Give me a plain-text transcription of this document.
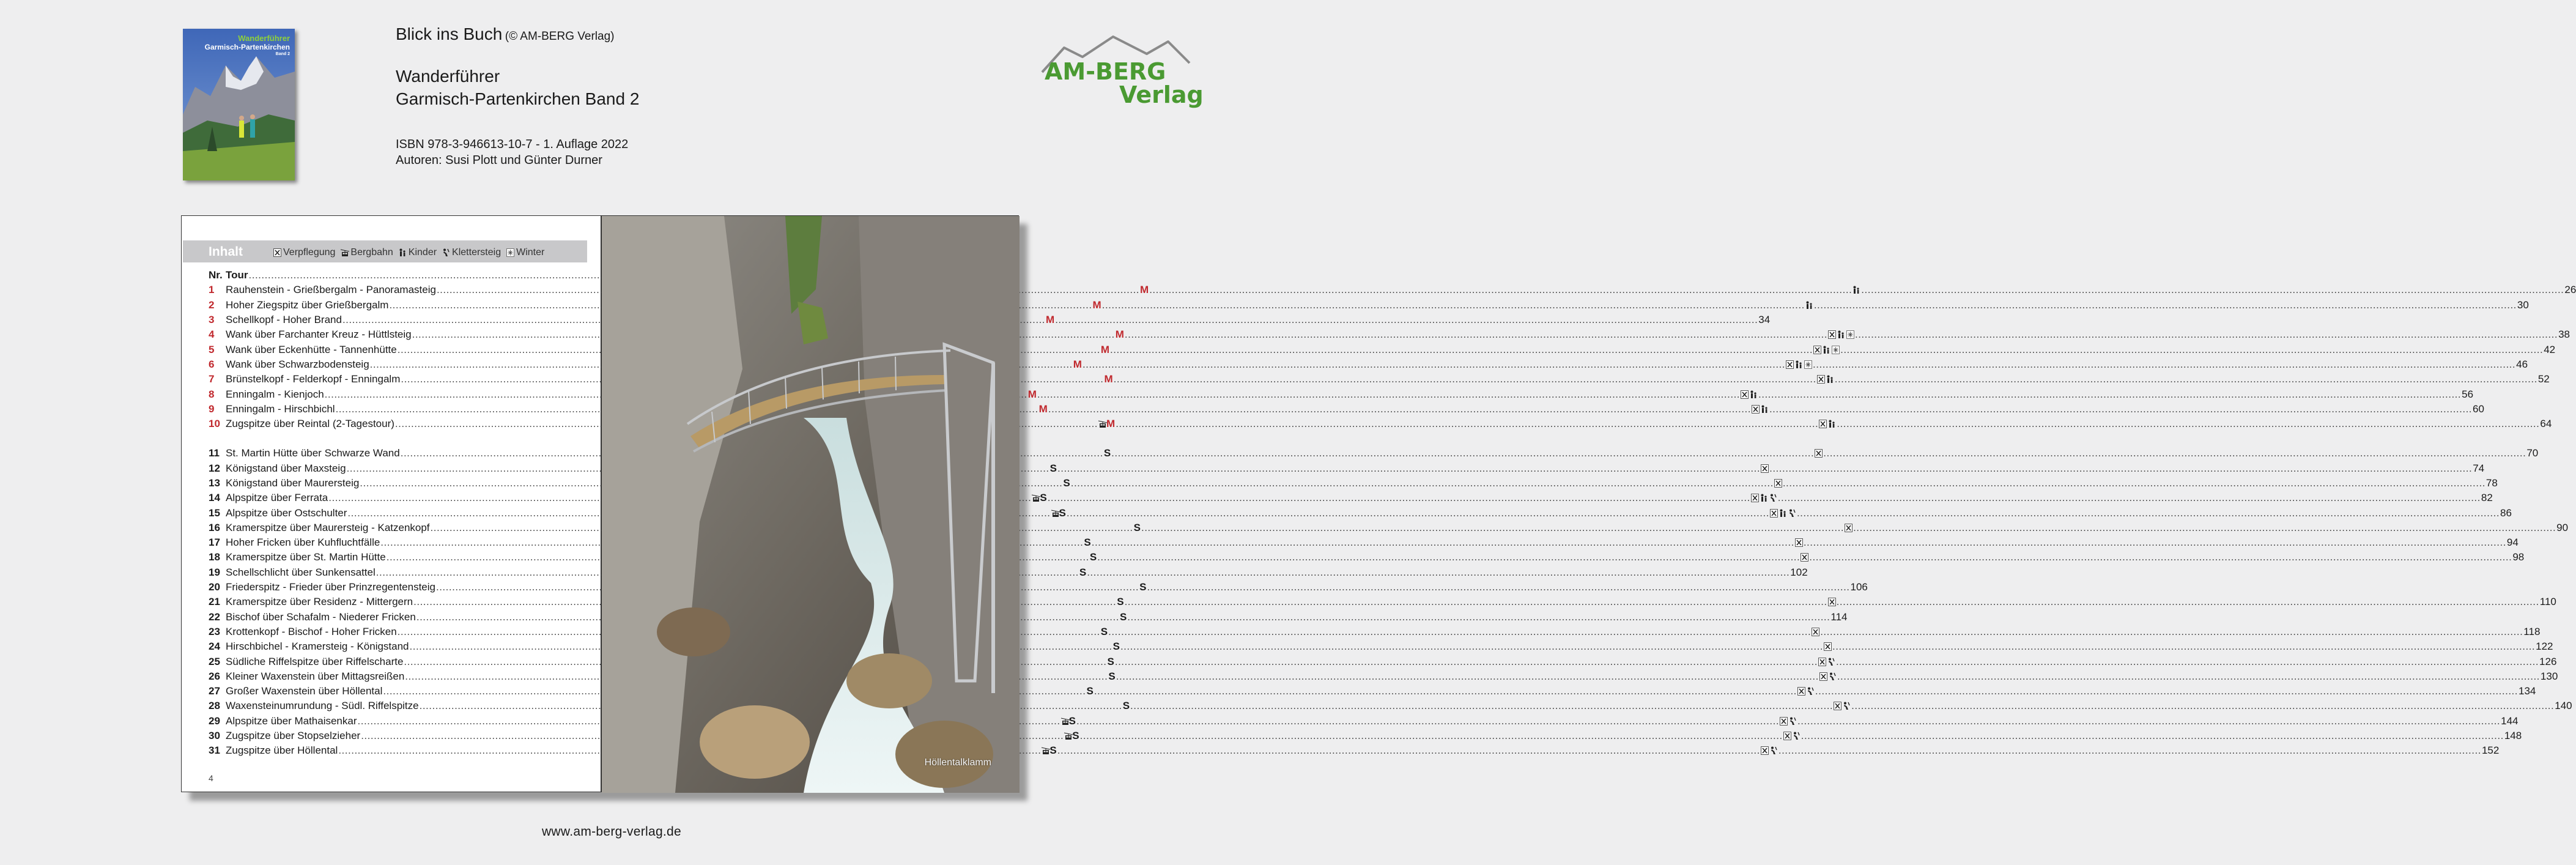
Wanderführer
Garmisch-Partenkirchen
Band 2
Blick ins Buch (© AM-BERG Verlag)
Wanderführer
Garmisch-Partenkirchen Band 2
ISBN 978-3-946613-10-7 - 1. Auflage 2022
Autoren: Susi Plott und Günter Durner
AM-BERG
Verlag
Inhalt	Verpflegung Bergbahn Kinder Klettersteig Winter
Nr. Tour
.....
1	Rauhenstein - Grießbergalm - Panoramasteig .....	M ..... .....	26
2	Hoher Ziegspitz über Grießbergalm .....	M ..... .....	30
3	Schellkopf - Hoher Brand .....	M .....	34
4	Wank über Farchanter Kreuz - Hüttlsteig .....	M ..... .....	38
5	Wank über Eckenhütte - Tannenhütte .....	M ..... .....	42
6	Wank über Schwarzbodensteig .....	M ..... .....	46
7	Brünstelkopf - Felderkopf - Enningalm .....	M ..... .....	52
8	Enningalm - Kienjoch .....	M ..... .....	56
9	Enningalm - Hirschbichl .....	M ..... .....	60
10 Zugspitze über Reintal (2-Tagestour) .....	M ..... .....	64
11 St. Martin Hütte über Schwarze Wand .....	S ..... .....	70
12 Königstand über Maxsteig .....	S ..... .....	74
13 Königstand über Maurersteig .....	S ..... .....	78
14 Alpspitze über Ferrata .....	S ..... .....	82
15 Alpspitze über Ostschulter .....	S ..... .....	86
16 Kramerspitze über Maurersteig - Katzenkopf .....	S ..... .....	90
17 Hoher Fricken über Kuhfluchtfälle .....	S ..... .....	94
18 Kramerspitze über St. Martin Hütte .....	S ..... .....	98
19 Schellschlicht über Sunkensattel .....	S .....	102
20 Friederspitz - Frieder über Prinzregentensteig .....	S .....	106
21 Kramerspitze über Residenz - Mittergern .....	S ..... .....	110
22 Bischof über Schafalm - Niederer Fricken .....	S .....	114
23 Krottenkopf - Bischof - Hoher Fricken .....	S ..... .....	118
24 Hirschbichel - Kramersteig - Königstand .....	S ..... .....	122
25 Südliche Riffelspitze über Riffelscharte .....	S ..... .....	126
26 Kleiner Waxenstein über Mittagsreißen .....	S ..... .....	130
27 Großer Waxenstein über Höllental .....	S ..... .....	134
28 Waxensteinumrundung - Südl. Riffelspitze .....	S ..... .....	140
29 Alpspitze über Mathaisenkar .....	S ..... .....	144
30 Zugspitze über Stopselzieher .....	S ..... .....	148
31 Zugspitze über Höllental .....	S ..... .....	152
4
Höllentalklamm
www.am-berg-verlag.de
